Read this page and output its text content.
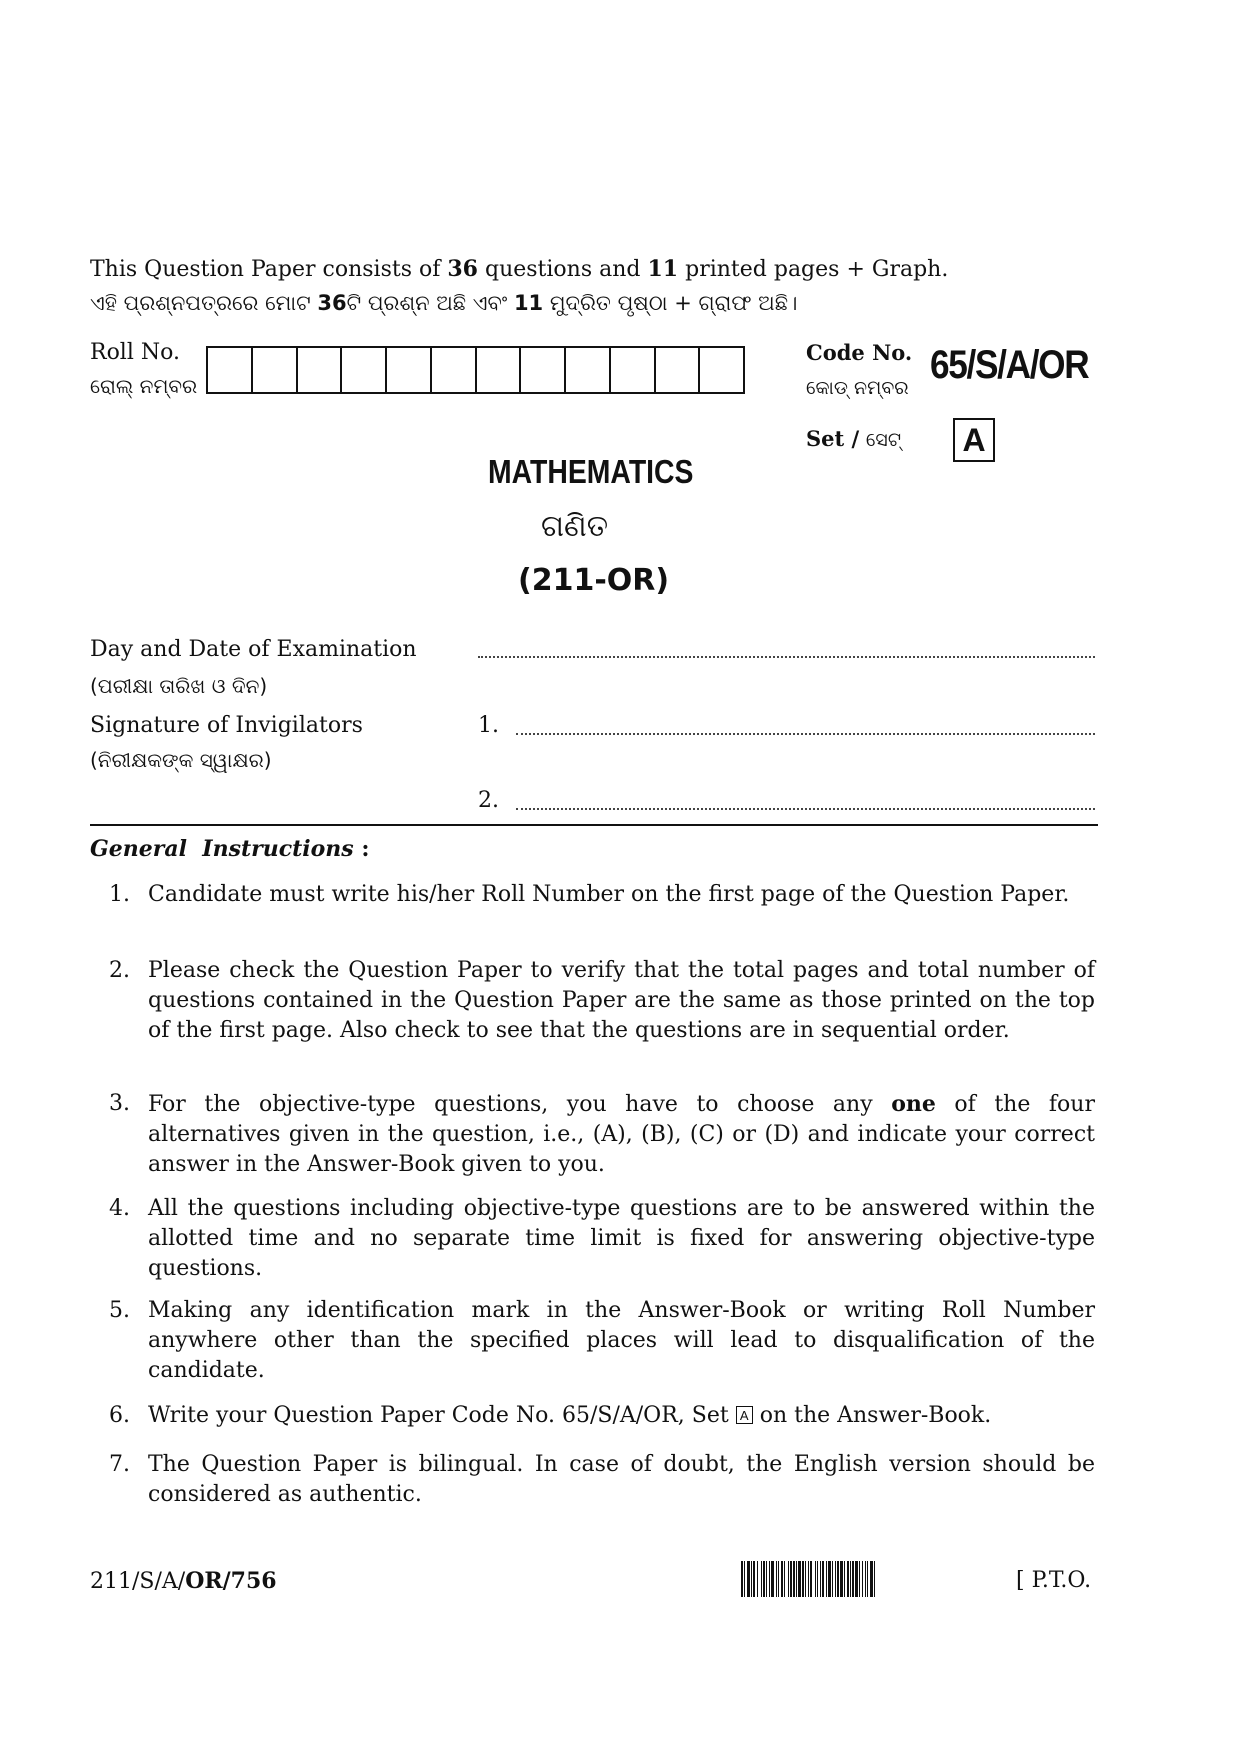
This Question Paper consists of 36 questions and 11 printed pages + Graph.
ଏହି ପ୍ରଶ୍ନପତ୍ରରେ ମୋଟ 36ଟି ପ୍ରଶ୍ନ ଅଛି ଏବଂ 11 ମୁଦ୍ରିତ ପୃଷ୍ଠା + ଗ୍ରାଫ ଅଛି।
Roll No.
ରୋଲ୍ ନମ୍ବର
Code No.
କୋଡ୍ ନମ୍ବର
65/S/A/OR
Set / ସେଟ୍ A
MATHEMATICS
ଗଣିତ
(211-OR)
Day and Date of Examination
(ପରୀକ୍ଷା ତାରିଖ ଓ ଦିନ)
Signature of Invigilators	1.
(ନିରୀକ୍ଷକଙ୍କ ସ୍ୱାକ୍ଷର)
2.
General  Instructions :
1. Candidate must write his/her Roll Number on the first page of the Question Paper.
2. Please check the Question Paper to verify that the total pages and total number of questions contained in the Question Paper are the same as those printed on the top of the first page. Also check to see that the questions are in sequential order.
3. For the objective-type questions, you have to choose any one of the four alternatives given in the question, i.e., (A), (B), (C) or (D) and indicate your correct answer in the Answer-Book given to you.
4. All the questions including objective-type questions are to be answered within the allotted time and no separate time limit is fixed for answering objective-type questions.
5. Making any identification mark in the Answer-Book or writing Roll Number anywhere other than the specified places will lead to disqualification of the candidate.
6. Write your Question Paper Code No. 65/S/A/OR, Set A on the Answer-Book.
7. The Question Paper is bilingual. In case of doubt, the English version should be considered as authentic.
211/S/A/OR/756	[ P.T.O.
